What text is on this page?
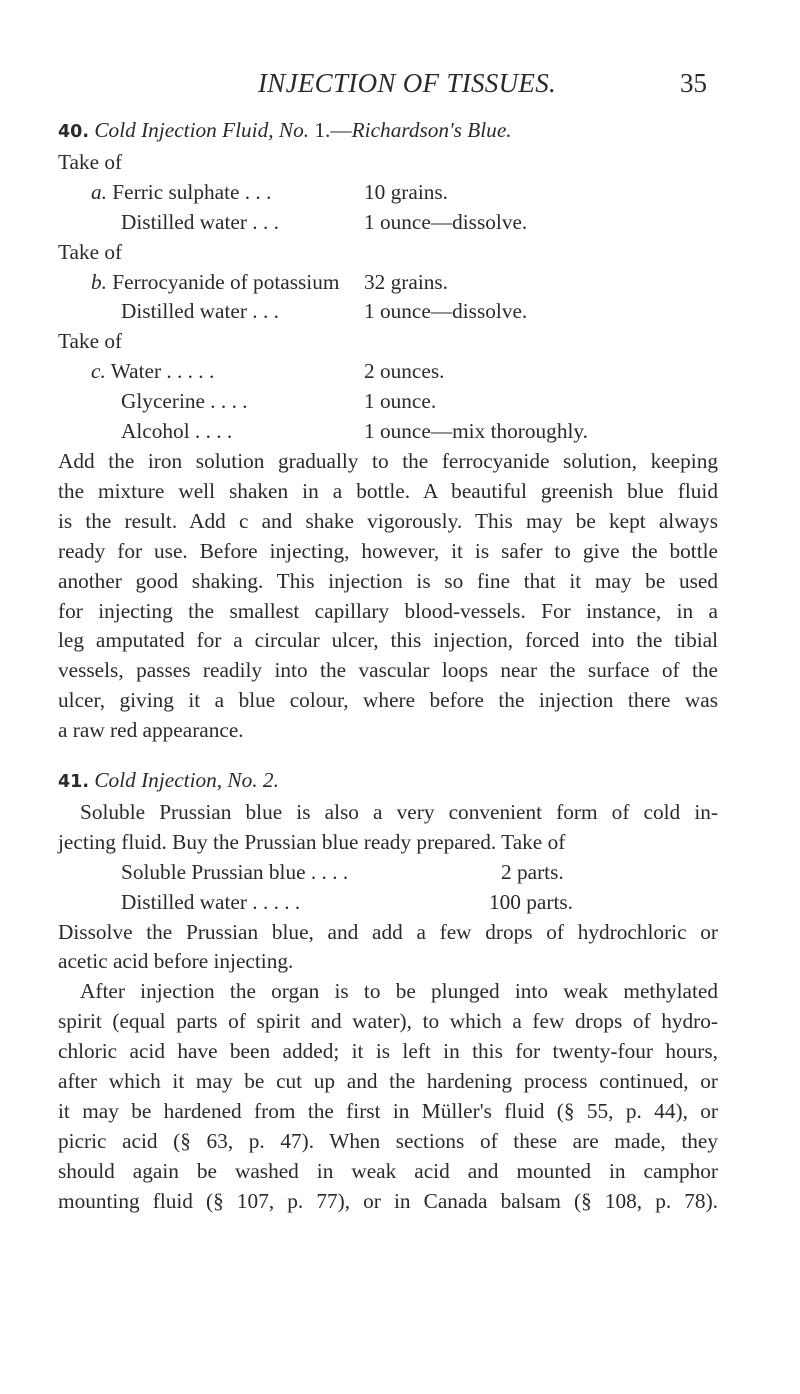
INJECTION OF TISSUES.	35
40. Cold Injection Fluid, No. 1.—Richardson's Blue.
Take of
a. Ferric sulphate . . .	10 grains.
Distilled water . . .	1 ounce—dissolve.
Take of
b. Ferrocyanide of potassium	32 grains.
Distilled water . . .	1 ounce—dissolve.
Take of
c. Water . . . . .	2 ounces.
Glycerine . . . .	1 ounce.
Alcohol . . . .	1 ounce—mix thoroughly.
Add the iron solution gradually to the ferrocyanide solution, keeping
the mixture well shaken in a bottle. A beautiful greenish blue fluid
is the result. Add c and shake vigorously. This may be kept always
ready for use. Before injecting, however, it is safer to give the bottle
another good shaking. This injection is so fine that it may be used
for injecting the smallest capillary blood-vessels. For instance, in a
leg amputated for a circular ulcer, this injection, forced into the tibial
vessels, passes readily into the vascular loops near the surface of the
ulcer, giving it a blue colour, where before the injection there was
a raw red appearance.
41. Cold Injection, No. 2.
Soluble Prussian blue is also a very convenient form of cold in-
jecting fluid. Buy the Prussian blue ready prepared. Take of
Soluble Prussian blue . . . .	2 parts.
Distilled water . . . . .	100 parts.
Dissolve the Prussian blue, and add a few drops of hydrochloric or
acetic acid before injecting.
After injection the organ is to be plunged into weak methylated
spirit (equal parts of spirit and water), to which a few drops of hydro-
chloric acid have been added; it is left in this for twenty-four hours,
after which it may be cut up and the hardening process continued, or
it may be hardened from the first in Müller's fluid (§ 55, p. 44), or
picric acid (§ 63, p. 47). When sections of these are made, they
should again be washed in weak acid and mounted in camphor
mounting fluid (§ 107, p. 77), or in Canada balsam (§ 108, p. 78).
